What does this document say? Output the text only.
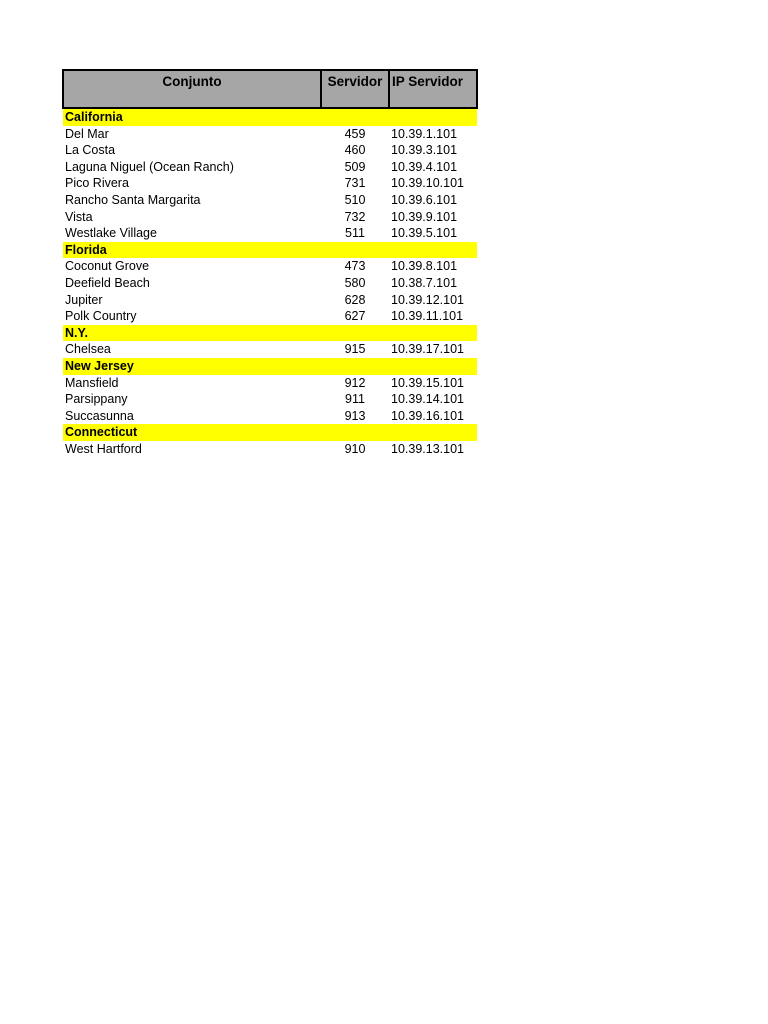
Conjunto	Servidor	IP Servidor
California		
Del Mar	459	10.39.1.101
La Costa	460	10.39.3.101
Laguna Niguel (Ocean Ranch)	509	10.39.4.101
Pico Rivera	731	10.39.10.101
Rancho Santa Margarita	510	10.39.6.101
Vista	732	10.39.9.101
Westlake Village	511	10.39.5.101
Florida		
Coconut Grove	473	10.39.8.101
Deefield Beach	580	10.38.7.101
Jupiter	628	10.39.12.101
Polk Country	627	10.39.11.101
N.Y.		
Chelsea	915	10.39.17.101
New Jersey		
Mansfield	912	10.39.15.101
Parsippany	911	10.39.14.101
Succasunna	913	10.39.16.101
Connecticut		
West Hartford	910	10.39.13.101
